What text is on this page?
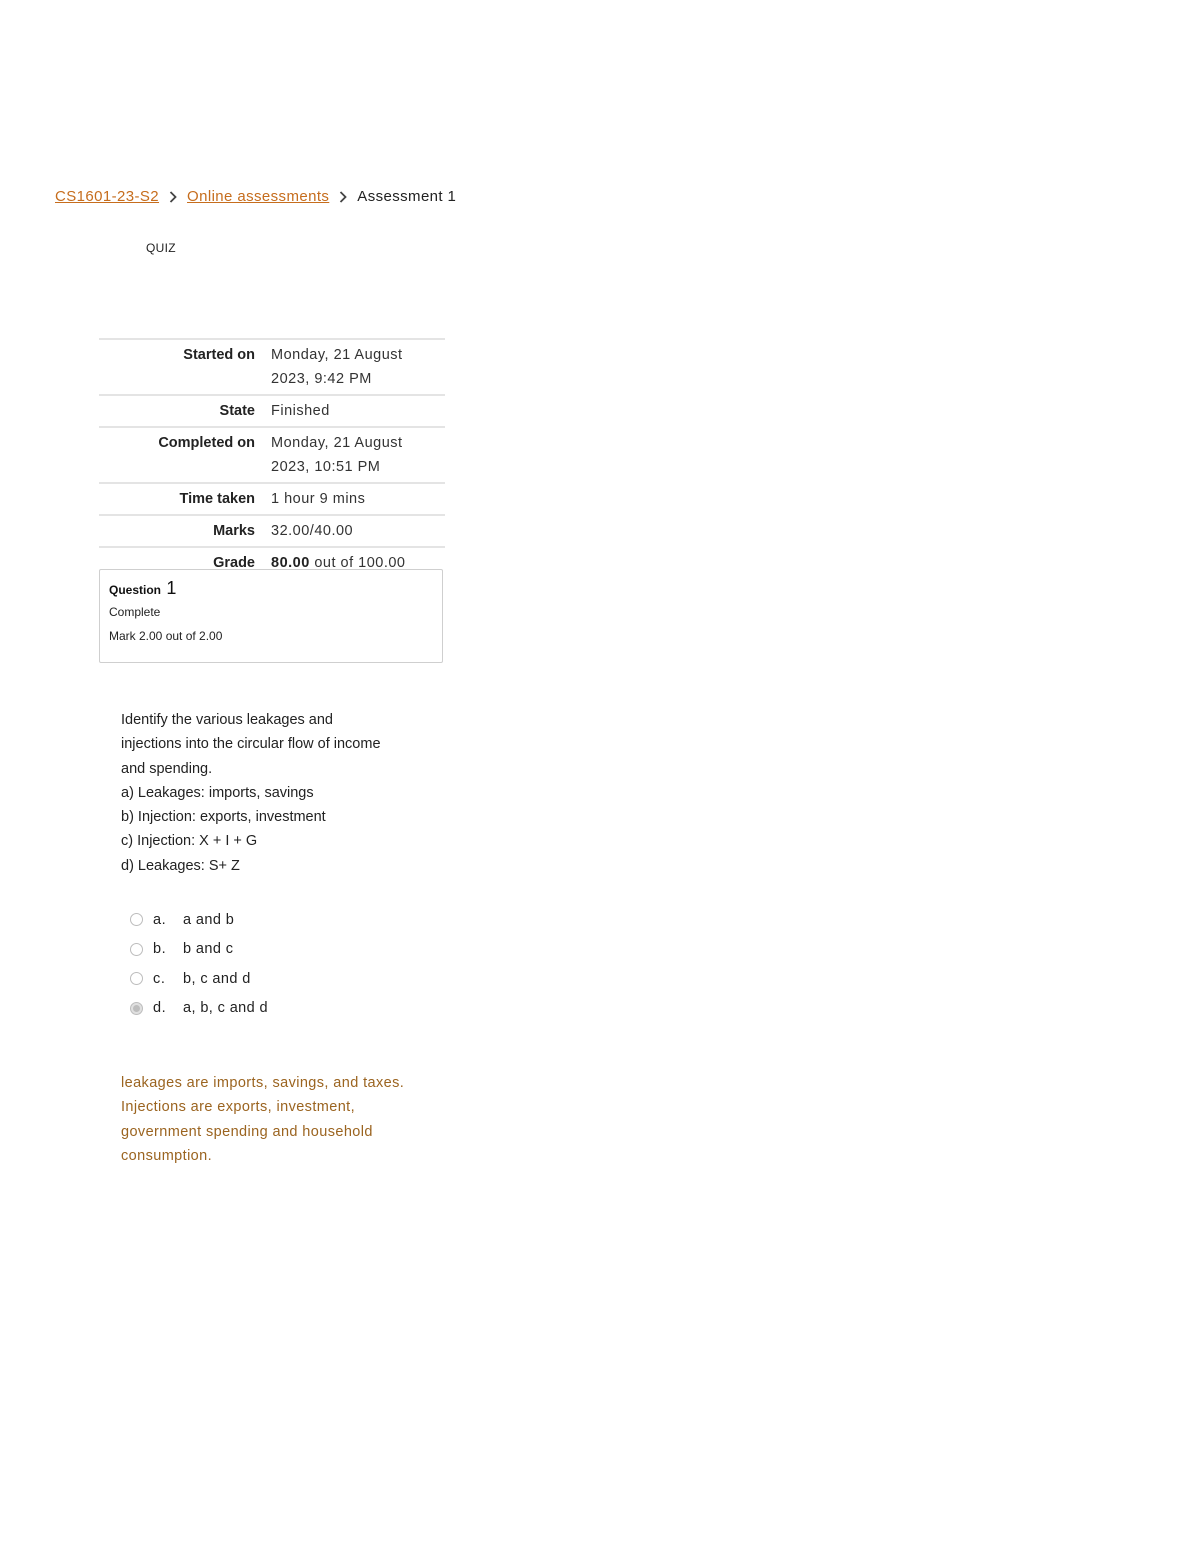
CS1601-23-S2 Online assessments Assessment 1
QUIZ
Started on	Monday, 21 August
2023, 9:42 PM

State	Finished
Completed on	Monday, 21 August
2023, 10:51 PM

Time taken	1 hour 9 mins
Marks	32.00/40.00
Grade	80.00 out of 100.00
Question 1
Complete
Mark 2.00 out of 2.00
Identify the various leakages and
injections into the circular flow of income
and spending.
a) Leakages: imports, savings
b) Injection: exports, investment
c) Injection: X + I + G
d) Leakages: S+ Z
a.	a and b
b.	b and c
c.	b, c and d
d.	a, b, c and d
leakages are imports, savings, and taxes.
Injections are exports, investment,
government spending and household
consumption.
